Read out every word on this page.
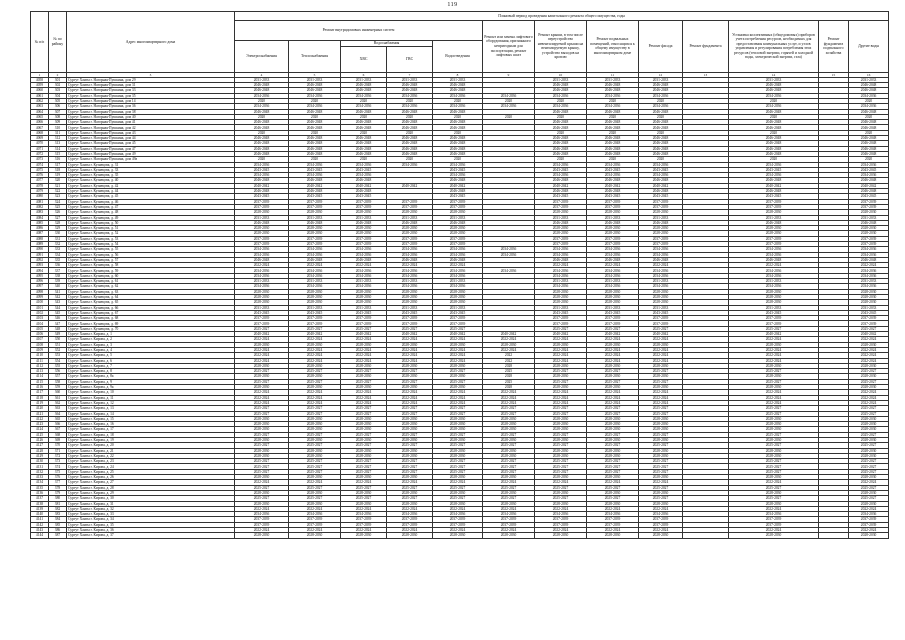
119
№ п/п	№ по району	Адрес многоквартирного дома	Плановый период проведения капитального ремонта общего имущества, годы												
			Ремонт внутридомовых инженерных систем					Ремонт или замена лифтового оборудования, признанного непригодным для эксплуатации, ремонт лифтовых шахт	Ремонт крыши, в том числе переустройство невентилируемой крыши на вентилируемую крышу, устройство выходов на кровлю	Ремонт подвальных помещений, относящихся к общему имуществу в многоквартирном доме	Ремонт фасада	Ремонт фундамента	Установка коллективных (общедомовых) приборов учета потребления ресурсов, необходимых для предоставления коммунальных услуг, и узлов управления и регулирования потребления этих ресурсов (тепловой энергии, горячей и холодной воды, электрической энергии, газа)	Ремонт фундамента подвального хозяйства	Другие виды
			Электроснабжения	Теплоснабжения	Водоснабжения		Водоотведения								
					ХВС	ГВС									
1	2	3	4	5	6	7	8	9	10	11	12	13	14	15	16
4058	301	Сургут Ханты г. Нагорная-Пушкина, дом 29	2031-2033	2031-2033	2031-2033	2031-2033	2031-2033		2031-2033	2031-2033	2031-2033		2031-2033		2031-2033
4059	302	Сургут Ханты г. Нагорная-Пушкина, дом 31	2046-2048	2046-2048	2046-2048	2046-2048	2046-2048		2046-2048	2046-2048	2046-2048		2046-2048		2046-2048
4060	303	Сургут Ханты г. Нагорная-Пушкина, дом 33	2046-2048	2046-2048	2046-2048	2046-2048	2046-2048		2046-2048	2046-2048	2046-2048		2046-2048		2046-2048
4061	304	Сургут Ханты г. Нагорная-Пушкина, дом 35	2034-2036	2034-2036	2034-2036	2034-2036	2034-2036	2034-2036	2034-2036	2034-2036	2034-2036		2034-2036		2034-2036
4062	305	Сургут Ханты г. Нагорная-Пушкина, дом 14	2020	2020	2020	2020	2020	2020	2020	2020	2020		2020		2020
4063	306	Сургут Ханты г. Нагорная-Пушкина, дом 36	2034-2036	2034-2036	2034-2036	2034-2036	2034-2036	2034-2036	2034-2036	2034-2036	2034-2036		2034-2036		2034-2036
4064	307	Сургут Ханты г. Нагорная-Пушкина, дом 38	2046-2048	2046-2048	2046-2048	2046-2048	2046-2048		2046-2048	2046-2048	2046-2048		2046-2048		2046-2048
4065	308	Сургут Ханты г. Нагорная-Пушкина, дом 40	2020	2020	2020	2020	2020	2020	2020	2020	2020		2020		2020
4066	309	Сургут Ханты г. Нагорная-Пушкина, дом 41	2046-2048	2046-2048	2046-2048	2046-2048	2046-2048		2046-2048	2046-2048	2046-2048		2046-2048		2046-2048
4067	310	Сургут Ханты г. Нагорная-Пушкина, дом 42	2046-2048	2046-2048	2046-2048	2046-2048	2046-2048		2046-2048	2046-2048	2046-2048		2046-2048		2046-2048
4068	311	Сургут Ханты г. Нагорная-Пушкина, дом 43	2020	2020	2020	2020	2020		2020	2020	2020		2020		2020
4069	312	Сургут Ханты г. Нагорная-Пушкина, дом 44	2046-2048	2046-2048	2046-2048	2046-2048	2046-2048		2046-2048	2046-2048	2046-2048		2046-2048		2046-2048
4070	313	Сургут Ханты г. Нагорная-Пушкина, дом 45	2046-2048	2046-2048	2046-2048	2046-2048	2046-2048		2046-2048	2046-2048	2046-2048		2046-2048		2046-2048
4071	314	Сургут Ханты г. Нагорная-Пушкина, дом 47	2046-2048	2046-2048	2046-2048	2046-2048	2046-2048		2046-2048	2046-2048	2046-2048		2046-2048		2046-2048
4072	315	Сургут Ханты г. Нагорная-Пушкина, дом 49	2046-2048	2046-2048	2046-2048	2046-2048	2046-2048		2046-2048	2046-2048	2046-2048		2046-2048		2046-2048
4073	316	Сургут Ханты г. Нагорная-Пушкина, дом 49а	2020	2020	2020	2020	2020		2020	2020	2020		2020		2020
4074	317	Сургут Ханты г. Кузнецова, д. 31	2034-2036	2034-2036	2034-2036	2034-2036	2034-2036		2034-2036	2034-2036	2034-2036		2034-2036		2034-2036
4075	318	Сургут Ханты г. Кузнецова, д. 33	2043-2045	2043-2045	2043-2045		2043-2045		2043-2045	2043-2045	2043-2045		2043-2045		2043-2045
4076	319	Сургут Ханты г. Кузнецова, д. 35	2034-2036	2034-2036	2034-2036		2034-2036		2034-2036	2034-2036	2034-2036		2034-2036		2034-2036
4077	320	Сургут Ханты г. Кузнецова, д. 40	2046-2048	2046-2048	2046-2048		2046-2048		2046-2048	2046-2048	2046-2048		2046-2048		2046-2048
4078	321	Сургут Ханты г. Кузнецова, д. 42	2040-2042	2040-2042	2040-2042	2040-2042	2040-2042		2040-2042	2040-2042	2040-2042		2040-2042		2040-2042
4079	322	Сургут Ханты г. Кузнецова, д. 44	2046-2048	2046-2048	2046-2048		2046-2048		2046-2048	2046-2048	2046-2048		2046-2048		2046-2048
4080	323	Сургут Ханты г. Кузнецова, д. 45	2043-2045	2043-2045	2043-2045		2043-2045		2043-2045	2043-2045	2043-2045		2043-2045		2043-2045
4081	324	Сургут Ханты г. Кузнецова, д. 46	2037-2039	2037-2039	2037-2039	2037-2039	2037-2039		2037-2039	2037-2039	2037-2039		2037-2039		2037-2039
4082	325	Сургут Ханты г. Кузнецова, д. 47	2037-2039	2037-2039	2037-2039	2037-2039	2037-2039		2037-2039	2037-2039	2037-2039		2037-2039		2037-2039
4083	326	Сургут Ханты г. Кузнецова, д. 48	2028-2030	2028-2030	2028-2030	2028-2030	2028-2030		2028-2030	2028-2030	2028-2030		2028-2030		2028-2030
4084	327	Сургут Ханты г. Кузнецова, д. 49	2031-2033	2031-2033	2031-2033	2031-2033	2031-2033		2031-2033	2031-2033	2031-2033		2031-2033		2031-2033
4085	328	Сургут Ханты г. Кузнецова, д. 50	2046-2048	2046-2048	2046-2048	2046-2048	2046-2048		2046-2048	2046-2048	2046-2048		2046-2048		2046-2048
4086	329	Сургут Ханты г. Кузнецова, д. 51	2028-2030	2028-2030	2028-2030	2028-2030	2028-2030		2028-2030	2028-2030	2028-2030		2028-2030		2028-2030
4087	330	Сургут Ханты г. Кузнецова, д. 52	2028-2030	2028-2030	2028-2030	2028-2030	2028-2030		2028-2030	2028-2030	2028-2030		2028-2030		2028-2030
4088	331	Сургут Ханты г. Кузнецова, д. 53	2037-2039	2037-2039	2037-2039	2037-2039	2037-2039		2037-2039	2037-2039	2037-2039		2037-2039		2037-2039
4089	332	Сургут Ханты г. Кузнецова, д. 54	2037-2039	2037-2039	2037-2039	2037-2039	2037-2039		2037-2039	2037-2039	2037-2039		2037-2039		2037-2039
4090	333	Сургут Ханты г. Кузнецова, д. 55	2034-2036	2034-2036	2034-2036	2034-2036	2034-2036	2034-2036	2034-2036	2034-2036	2034-2036		2034-2036		2034-2036
4091	334	Сургут Ханты г. Кузнецова, д. 56	2034-2036	2034-2036	2034-2036	2034-2036	2034-2036	2034-2036	2034-2036	2034-2036	2034-2036		2034-2036		2034-2036
4092	335	Сургут Ханты г. Кузнецова, д. 57	2046-2048	2046-2048	2046-2048	2046-2048	2046-2048		2046-2048	2046-2048	2046-2048		2046-2048		2046-2048
4093	336	Сургут Ханты г. Кузнецова, д. 58	2022-2024	2022-2024	2022-2024	2022-2024	2022-2024		2022-2024	2022-2024	2022-2024		2022-2024		2022-2024
4094	337	Сургут Ханты г. Кузнецова, д. 59	2034-2036	2034-2036	2034-2036	2034-2036	2034-2036	2034-2036	2034-2036	2034-2036	2034-2036		2034-2036		2034-2036
4095	338	Сургут Ханты г. Кузнецова, д. 60	2034-2036	2034-2036	2034-2036	2034-2036	2034-2036		2034-2036	2034-2036	2034-2036		2034-2036		2034-2036
4096	339	Сургут Ханты г. Кузнецова, д. 61	2031-2033	2031-2033	2031-2033	2031-2033	2031-2033		2031-2033	2031-2033	2031-2033		2031-2033		2031-2033
4097	340	Сургут Ханты г. Кузнецова, д. 62	2034-2036	2034-2036	2034-2036	2034-2036	2034-2036		2034-2036	2034-2036	2034-2036		2034-2036		2034-2036
4098	341	Сургут Ханты г. Кузнецова, д. 63	2028-2030	2028-2030	2028-2030	2028-2030	2028-2030		2028-2030	2028-2030	2028-2030		2028-2030		2028-2030
4099	342	Сургут Ханты г. Кузнецова, д. 64	2028-2030	2028-2030	2028-2030	2028-2030	2028-2030		2028-2030	2028-2030	2028-2030		2028-2030		2028-2030
4100	343	Сургут Ханты г. Кузнецова, д. 65	2028-2030	2028-2030	2028-2030	2028-2030	2028-2030		2028-2030	2028-2030	2028-2030		2028-2030		2028-2030
4101	344	Сургут Ханты г. Кузнецова, д. 66	2031-2033	2031-2033	2031-2033	2031-2033	2031-2033		2031-2033	2031-2033	2031-2033		2031-2033		2031-2033
4102	345	Сургут Ханты г. Кузнецова, д. 67	2043-2045	2043-2045	2043-2045	2043-2045	2043-2045		2043-2045	2043-2045	2043-2045		2043-2045		2043-2045
4103	346	Сургут Ханты г. Кузнецова, д. 68	2037-2039	2037-2039	2037-2039	2037-2039	2037-2039		2037-2039	2037-2039	2037-2039		2037-2039		2037-2039
4104	347	Сургут Ханты г. Кузнецова, д. 69	2037-2039	2037-2039	2037-2039	2037-2039	2037-2039		2037-2039	2037-2039	2037-2039		2037-2039		2037-2039
4105	348	Сургут Ханты г. Кузнецова, д. 70	2025-2027	2025-2027	2025-2027	2025-2027	2025-2027		2025-2027	2025-2027	2025-2027		2025-2027		2025-2027
4106	349	Сургут Ханты г. Кирова, д. 1	2040-2042	2040-2042	2040-2042	2040-2042	2040-2042	2040-2042	2040-2042	2040-2042	2040-2042		2040-2042		2040-2042
4107	350	Сургут Ханты г. Кирова, д. 2	2022-2024	2022-2024	2022-2024	2022-2024	2022-2024	2022-2024	2022-2024	2022-2024	2022-2024		2022-2024		2022-2024
4108	351	Сургут Ханты г. Кирова, д. 3	2028-2030	2028-2030	2028-2030	2028-2030	2028-2030	2028-2030	2028-2030	2028-2030	2028-2030		2028-2030		2028-2030
4109	352	Сургут Ханты г. Кирова, д. 4	2022-2024	2022-2024	2022-2024	2022-2024	2022-2024	2022-2024	2022-2024	2022-2024	2022-2024		2022-2024		2022-2024
4110	353	Сургут Ханты г. Кирова, д. 5	2022-2024	2022-2024	2022-2024	2022-2024	2022-2024	2022	2022-2024	2022-2024	2022-2024		2022-2024		2022-2024
4111	354	Сургут Ханты г. Кирова, д. 6	2022-2024	2022-2024	2022-2024	2022-2024	2022-2024	2022	2022-2024	2022-2024	2022-2024		2022-2024		2022-2024
4112	355	Сургут Ханты г. Кирова, д. 7	2028-2030	2028-2030	2028-2030	2028-2030	2028-2030	2028	2028-2030	2028-2030	2028-2030		2028-2030		2028-2030
4113	356	Сургут Ханты г. Кирова, д. 8	2025-2027	2025-2027	2025-2027	2025-2027	2025-2027	2025	2025-2027	2025-2027	2025-2027		2025-2027		2025-2027
4114	357	Сургут Ханты г. Кирова, д. 8а	2028-2030	2028-2030	2028-2030	2028-2030	2028-2030	2028	2028-2030	2028-2030	2028-2030		2028-2030		2028-2030
4115	358	Сургут Ханты г. Кирова, д. 9	2025-2027	2025-2027	2025-2027	2025-2027	2025-2027	2025	2025-2027	2025-2027	2025-2027		2025-2027		2025-2027
4116	359	Сургут Ханты г. Кирова, д. 9а	2028-2030	2028-2030	2028-2030	2028-2030	2028-2030	2028	2028-2030	2028-2030	2028-2030		2028-2030		2028-2030
4117	360	Сургут Ханты г. Кирова, д. 10	2022-2024	2022-2024	2022-2024	2022-2024	2022-2024	2022-2024	2022-2024	2022-2024	2022-2024		2022-2024		2022-2024
4118	361	Сургут Ханты г. Кирова, д. 11	2022-2024	2022-2024	2022-2024	2022-2024	2022-2024	2022-2024	2022-2024	2022-2024	2022-2024		2022-2024		2022-2024
4119	362	Сургут Ханты г. Кирова, д. 12	2022-2024	2022-2024	2022-2024	2022-2024	2022-2024	2022-2024	2022-2024	2022-2024	2022-2024		2022-2024		2022-2024
4120	363	Сургут Ханты г. Кирова, д. 13	2025-2027	2025-2027	2025-2027	2025-2027	2025-2027	2025-2027	2025-2027	2025-2027	2025-2027		2025-2027		2025-2027
4121	364	Сургут Ханты г. Кирова, д. 14	2025-2027	2025-2027	2025-2027	2025-2027	2025-2027	2025-2027	2025-2027	2025-2027	2025-2027		2025-2027		2025-2027
4122	365	Сургут Ханты г. Кирова, д. 15	2028-2030	2028-2030	2028-2030	2028-2030	2028-2030	2028-2030	2028-2030	2028-2030	2028-2030		2028-2030		2028-2030
4123	366	Сургут Ханты г. Кирова, д. 16	2028-2030	2028-2030	2028-2030	2028-2030	2028-2030	2028-2030	2028-2030	2028-2030	2028-2030		2028-2030		2028-2030
4124	367	Сургут Ханты г. Кирова, д. 17	2028-2030	2028-2030	2028-2030	2028-2030	2028-2030	2028-2030	2028-2030	2028-2030	2028-2030		2028-2030		2028-2030
4125	368	Сургут Ханты г. Кирова, д. 18	2025-2027	2025-2027	2025-2027	2025-2027	2025-2027	2025-2027	2025-2027	2025-2027	2025-2027		2025-2027		2025-2027
4126	369	Сургут Ханты г. Кирова, д. 19	2028-2030	2028-2030	2028-2030	2028-2030	2028-2030	2028-2030	2028-2030	2028-2030	2028-2030		2028-2030		2028-2030
4127	370	Сургут Ханты г. Кирова, д. 20	2025-2027	2025-2027	2025-2027	2025-2027	2025-2027	2025-2027	2025-2027	2025-2027	2025-2027		2025-2027		2025-2027
4128	371	Сургут Ханты г. Кирова, д. 21	2028-2030	2028-2030	2028-2030	2028-2030	2028-2030	2028-2030	2028-2030	2028-2030	2028-2030		2028-2030		2028-2030
4129	372	Сургут Ханты г. Кирова, д. 22	2028-2030	2028-2030	2028-2030	2028-2030	2028-2030	2028-2030	2028-2030	2028-2030	2028-2030		2028-2030		2028-2030
4130	373	Сургут Ханты г. Кирова, д. 23	2025-2027	2025-2027	2025-2027	2025-2027	2025-2027	2025-2027	2025-2027	2025-2027	2025-2027		2025-2027		2025-2027
4131	374	Сургут Ханты г. Кирова, д. 24	2025-2027	2025-2027	2025-2027	2025-2027	2025-2027	2025-2027	2025-2027	2025-2027	2025-2027		2025-2027		2025-2027
4132	375	Сургут Ханты г. Кирова, д. 25	2025-2027	2025-2027	2025-2027	2025-2027	2025-2027	2025-2027	2025-2027	2025-2027	2025-2027		2025-2027		2025-2027
4133	376	Сургут Ханты г. Кирова, д. 26	2028-2030	2028-2030	2028-2030	2028-2030	2028-2030	2028-2030	2028-2030	2028-2030	2028-2030		2028-2030		2028-2030
4134	377	Сургут Ханты г. Кирова, д. 27	2022-2024	2022-2024	2022-2024	2022-2024	2022-2024	2022-2024	2022-2024	2022-2024	2022-2024		2022-2024		2022-2024
4135	378	Сургут Ханты г. Кирова, д. 28	2025-2027	2025-2027	2025-2027	2025-2027	2025-2027	2025-2027	2025-2027	2025-2027	2025-2027		2025-2027		2025-2027
4136	379	Сургут Ханты г. Кирова, д. 29	2028-2030	2028-2030	2028-2030	2028-2030	2028-2030	2028-2030	2028-2030	2028-2030	2028-2030		2028-2030		2028-2030
4137	380	Сургут Ханты г. Кирова, д. 30	2025-2027	2025-2027	2025-2027	2025-2027	2025-2027	2025-2027	2025-2027	2025-2027	2025-2027		2025-2027		2025-2027
4138	381	Сургут Ханты г. Кирова, д. 31	2028-2030	2028-2030	2028-2030	2028-2030	2028-2030	2028-2030	2028-2030	2028-2030	2028-2030		2028-2030		2028-2030
4139	382	Сургут Ханты г. Кирова, д. 32	2022-2024	2022-2024	2022-2024	2022-2024	2022-2024	2022-2024	2022-2024	2022-2024	2022-2024		2022-2024		2022-2024
4140	383	Сургут Ханты г. Кирова, д. 33	2034-2036	2034-2036	2034-2036	2034-2036	2034-2036	2034-2036	2034-2036	2034-2036	2034-2036		2034-2036		2034-2036
4141	384	Сургут Ханты г. Кирова, д. 34	2037-2039	2037-2039	2037-2039	2037-2039	2037-2039	2037-2039	2037-2039	2037-2039	2037-2039		2037-2039		2037-2039
4142	385	Сургут Ханты г. Кирова, д. 35	2037-2039	2037-2039	2037-2039	2037-2039	2037-2039	2037-2039	2037-2039	2037-2039	2037-2039		2037-2039		2037-2039
4143	386	Сургут Ханты г. Кирова, д. 36	2022-2024	2022-2024	2022-2024	2022-2024	2022-2024	2022-2024	2022-2024	2022-2024	2022-2024		2022-2024		2022-2024
4144	387	Сургут Ханты г. Кирова, д. 37	2028-2030	2028-2030	2028-2030	2028-2030	2028-2030	2028-2030	2028-2030	2028-2030	2028-2030		2028-2030		2028-2030
